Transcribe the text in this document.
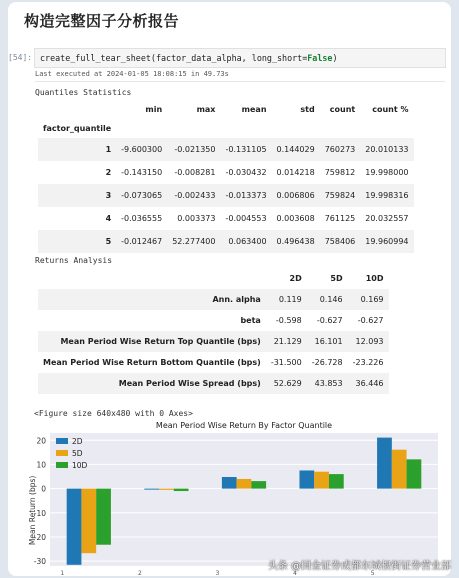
构造完整因子分析报告
[54]: create_full_tear_sheet(factor_data_alpha, long_short=False)
Last executed at 2024-01-05 18:08:15 in 49.73s
Quantiles Statistics
	min	max	mean	std	count	count %
factor_quantile						
1	-9.600300	-0.021350	-0.131105	0.144029	760273	20.010133
2	-0.143150	-0.008281	-0.030432	0.014218	759812	19.998000
3	-0.073065	-0.002433	-0.013373	0.006806	759824	19.998316
4	-0.036555	0.003373	-0.004553	0.003608	761125	20.032557
5	-0.012467	52.277400	0.063400	0.496438	758406	19.960994
Returns Analysis
	2D	5D	10D
Ann. alpha	0.119	0.146	0.169
beta	-0.598	-0.627	-0.627
Mean Period Wise Return Top Quantile (bps)	21.129	16.101	12.093
Mean Period Wise Return Bottom Quantile (bps)	-31.500	-26.728	-23.226
Mean Period Wise Spread (bps)	52.629	43.853	36.446
<Figure size 640x480 with 0 Axes>
Mean Period Wise Return By Factor Quantile
-30
-20
-10
0
10
20
Mean Return (bps)
1	2	3	4	5
2D
5D
10D
头条 @国金证券成都东城根街证券营业部
